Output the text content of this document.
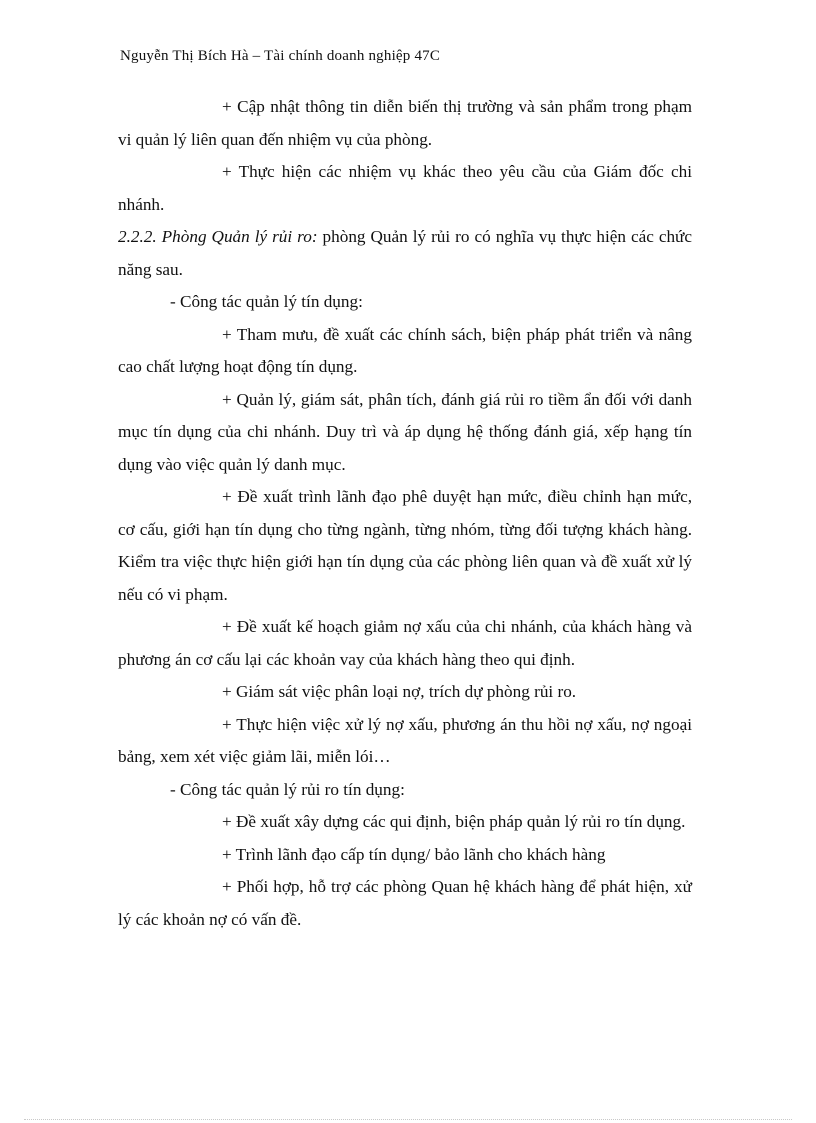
Nguyễn Thị Bích Hà – Tài chính doanh nghiệp 47C

+ Cập nhật thông tin diễn biến thị trường và sản phẩm trong phạm vi quản lý liên quan đến nhiệm vụ của phòng.

+ Thực hiện các nhiệm vụ khác theo yêu cầu của Giám đốc chi nhánh.

2.2.2. Phòng Quản lý rủi ro: phòng Quản lý rủi ro có nghĩa vụ thực hiện các chức năng sau.

- Công tác quản lý tín dụng:

+ Tham mưu, đề xuất các chính sách, biện pháp phát triển và nâng cao chất lượng hoạt động tín dụng.

+ Quản lý, giám sát, phân tích, đánh giá rủi ro tiềm ẩn đối với danh mục tín dụng của chi nhánh. Duy trì và áp dụng hệ thống đánh giá, xếp hạng tín dụng vào việc quản lý danh mục.

+ Đề xuất trình lãnh đạo phê duyệt hạn mức, điều chỉnh hạn mức, cơ cấu, giới hạn tín dụng cho từng ngành, từng nhóm, từng đối tượng khách hàng. Kiểm tra việc thực hiện giới hạn tín dụng của các phòng liên quan và đề xuất xử lý nếu có vi phạm.

+ Đề xuất kế hoạch giảm nợ xấu của chi nhánh, của khách hàng và phương án cơ cấu lại các khoản vay của khách hàng theo qui định.

+ Giám sát việc phân loại nợ, trích dự phòng rủi ro.

+ Thực hiện việc xử lý nợ xấu, phương án thu hồi nợ xấu, nợ ngoại bảng, xem xét việc giảm lãi, miễn lói…

- Công tác quản lý rủi ro tín dụng:

+ Đề xuất xây dựng các qui định, biện pháp quản lý rủi ro tín dụng.

+ Trình lãnh đạo cấp tín dụng/ bảo lãnh cho khách hàng

+ Phối hợp, hỗ trợ các phòng Quan hệ khách hàng để phát hiện, xử lý các khoản nợ có vấn đề.
